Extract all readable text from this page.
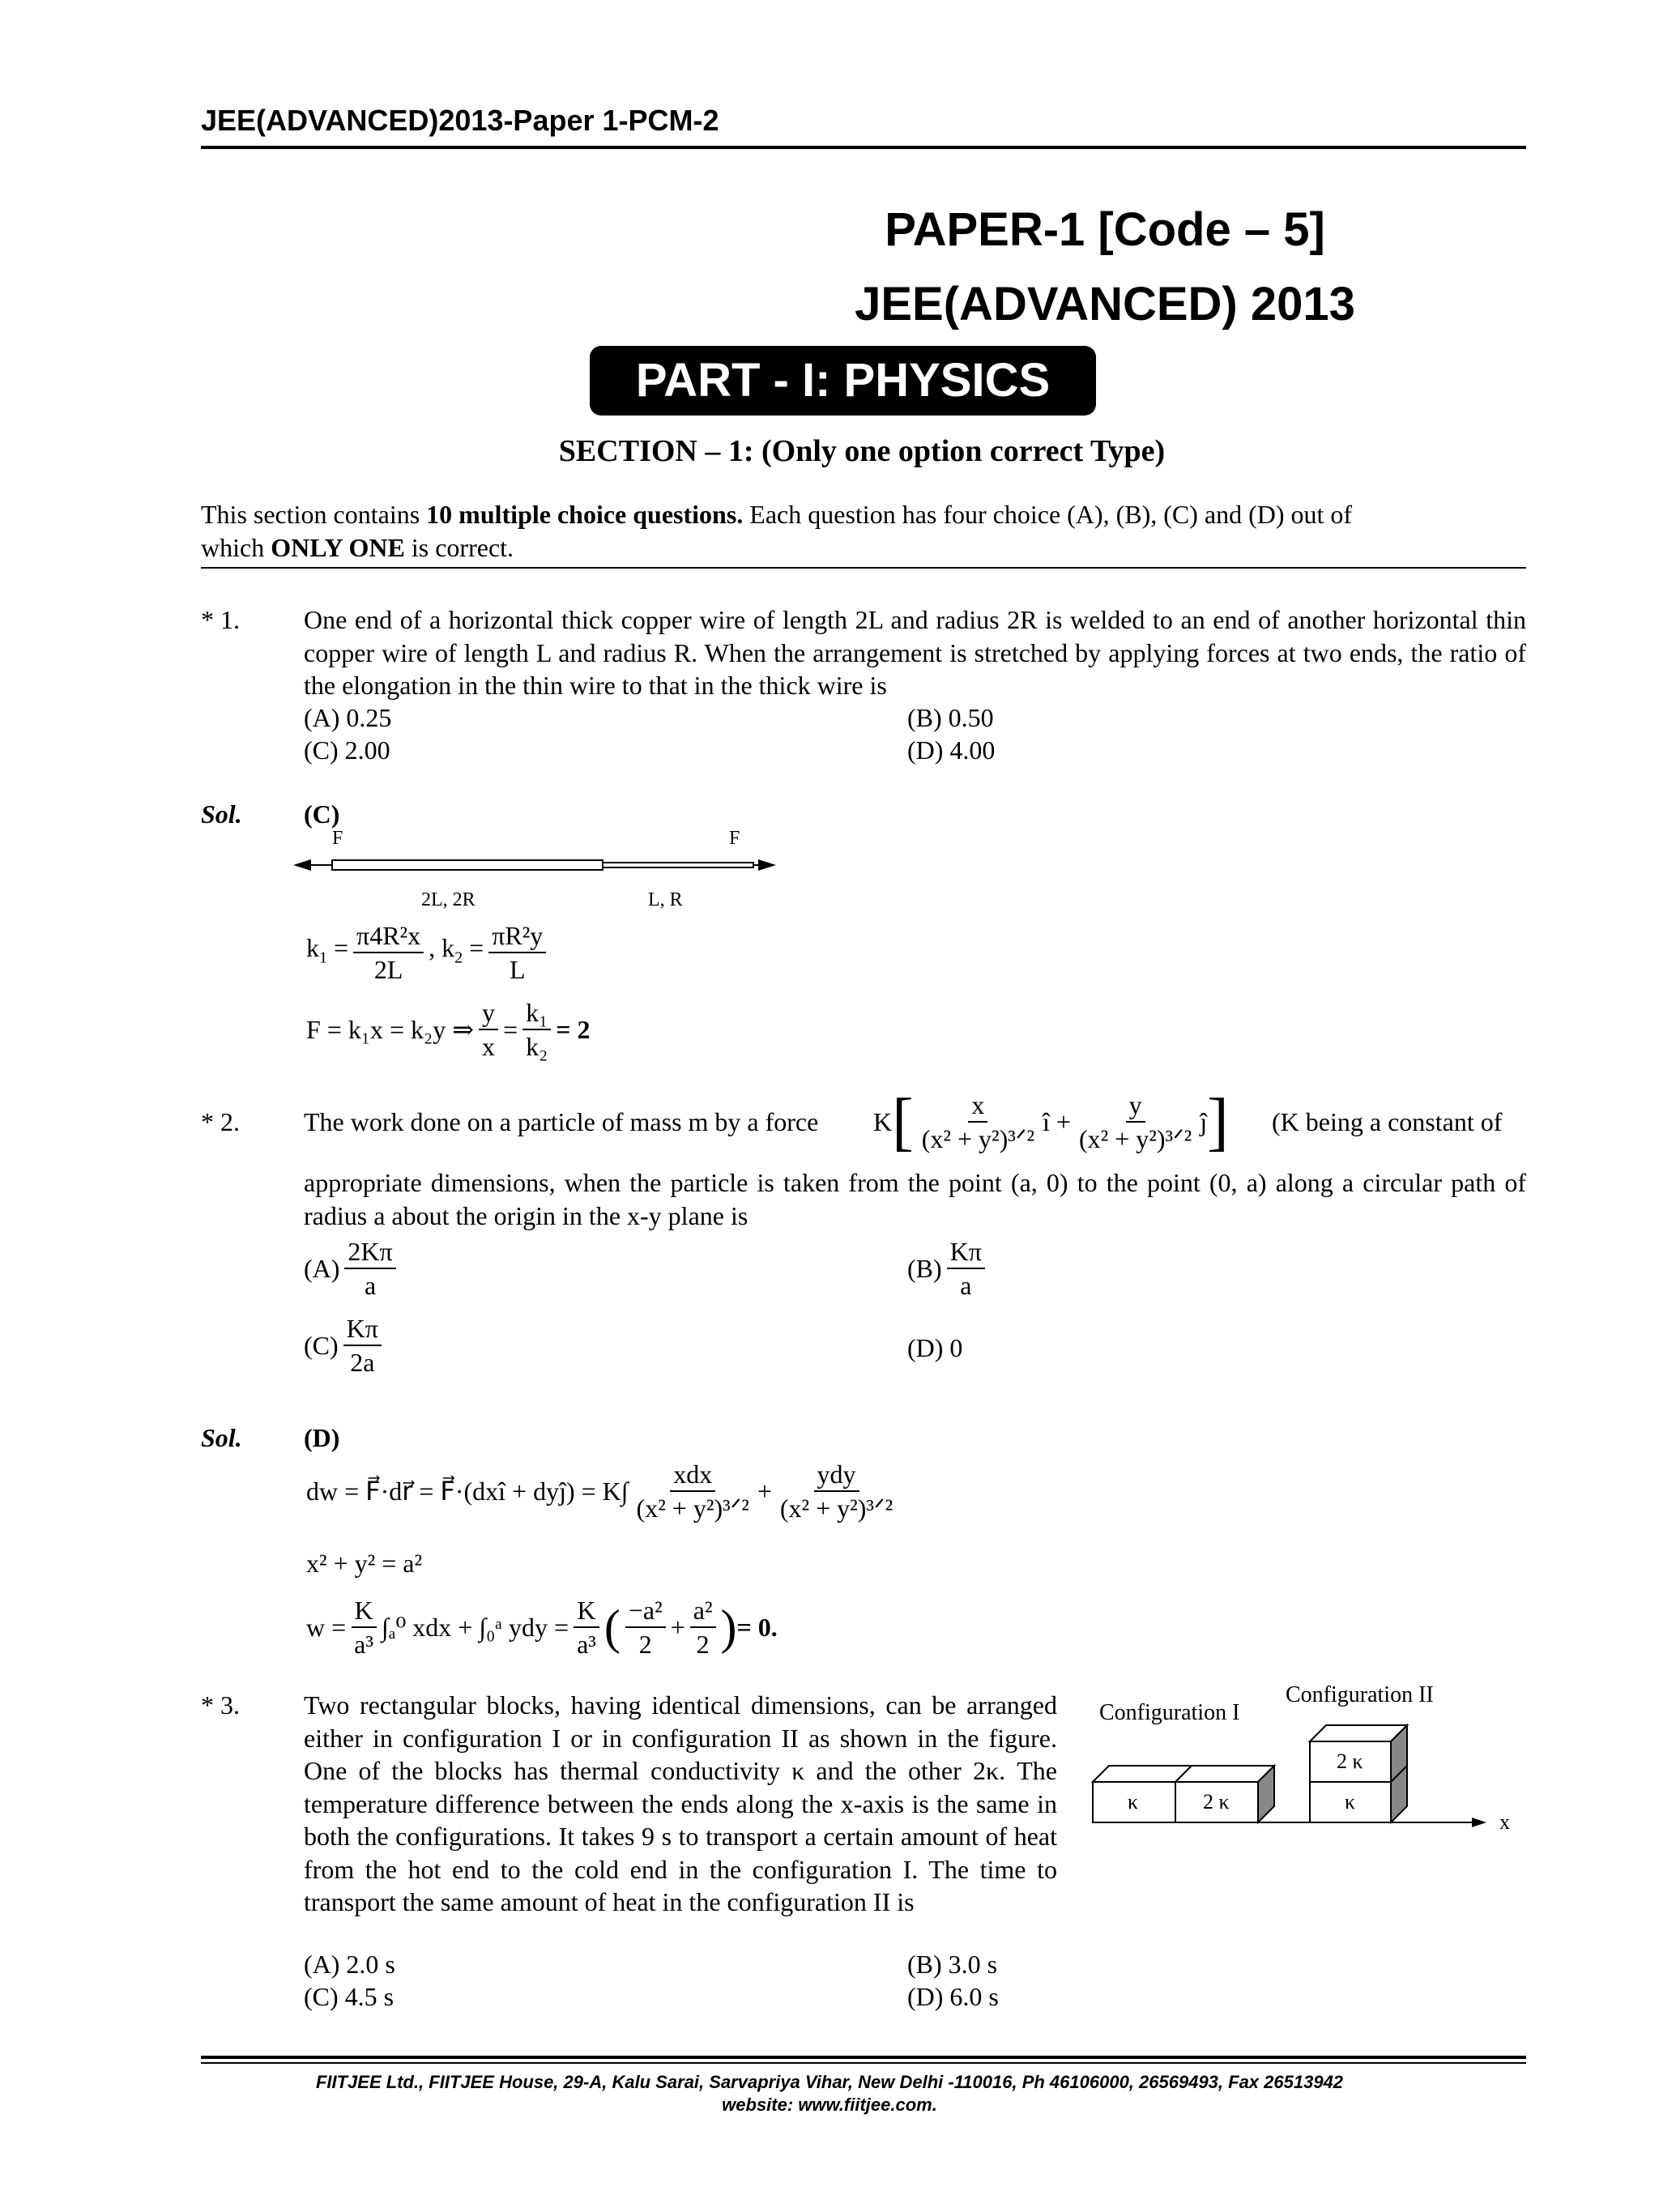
JEE(ADVANCED)2013-Paper 1-PCM-2
PAPER-1 [Code – 5]
JEE(ADVANCED) 2013
PART - I: PHYSICS
SECTION – 1: (Only one option correct Type)
This section contains 10 multiple choice questions. Each question has four choice (A), (B), (C) and (D) out of
which ONLY ONE is correct.
* 1. One end of a horizontal thick copper wire of length 2L and radius 2R is welded to an end of another horizontal thin copper wire of length L and radius R. When the arrangement is stretched by applying forces at two ends, the ratio of the elongation in the thin wire to that in the thick wire is
(A) 0.25	(B) 0.50
(C) 2.00	(D) 4.00
Sol. (C)
F	F
2L, 2R	L, R
$k_1 = \frac{\text{π4R²x}}{2L}$ , $k_2 = \frac{\text{πR²y}}{L}$
F = k₁x = k₂y ⇒ $\frac{y}{x} = \frac{\text{k₁}}{\text{k₂}} = 2$
* 2. The work done on a particle of mass m by a force K [ $\frac{x}{\text{(x² + y²)³ᐟ²}}$ î + $\frac{y}{\text{(x² + y²)³ᐟ²}}$ ĵ ] (K being a constant of
appropriate dimensions, when the particle is taken from the point (a, 0) to the point (0, a) along a circular path of radius a about the origin in the x-y plane is
$(A) \frac{2K\pi}{a}$	$(B) \frac{K\pi}{a}$
$(C) \frac{K\pi}{2a}$	(D) 0
Sol. (D)
dw = F⃗·dr⃗ = F⃗·(dxî + dyĵ) = $K\int \frac{\text{xdx}}{\text{(x² + y²)³ᐟ²}} + \frac{\text{ydy}}{\text{(x² + y²)³ᐟ²}}$
x² + y² = a²
$w = \frac{K}{\text{a³}} \int_a^0$ xdx + ∫₀ᵃ ydy = $\frac{K}{\text{a³}}$ ( $\frac{\text{−a²}}{2} + \frac{\text{a²}}{2}$ ) = 0.
* 3. Two rectangular blocks, having identical dimensions, can be arranged either in configuration I or in configuration II as shown in the figure. One of the blocks has thermal conductivity κ and the other 2κ. The temperature difference between the ends along the x-axis is the same in both the configurations. It takes 9 s to transport a certain amount of heat from the hot end to the cold end in the configuration I. The time to transport the same amount of heat in the configuration II is
(A) 2.0 s	(B) 3.0 s
(C) 4.5 s	(D) 6.0 s
Configuration I
Configuration II
κ	2 κ
2 κ
κ
x
FIITJEE Ltd., FIITJEE House, 29-A, Kalu Sarai, Sarvapriya Vihar, New Delhi -110016, Ph 46106000, 26569493, Fax 26513942
website: www.fiitjee.com.
